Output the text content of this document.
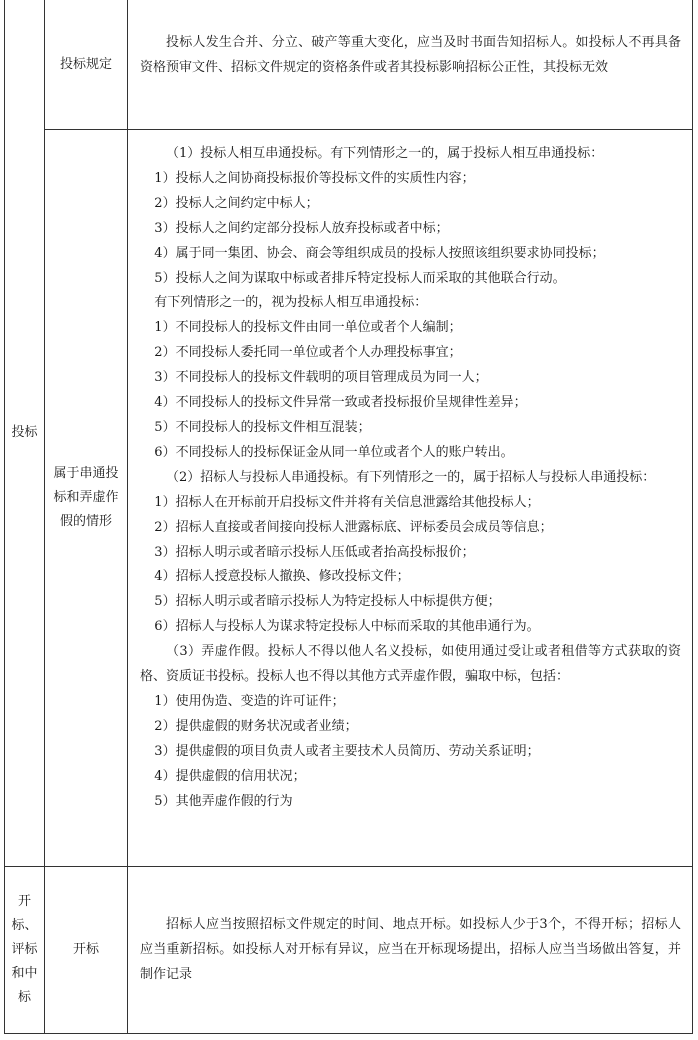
投标规定

投标人发生合并、分立、破产等重大变化，应当及时书面告知招标人。如投标人不再具备资格预审文件、招标文件规定的资格条件或者其投标影响招标公正性，其投标无效

投标
属于串通投标和弄虚作假的情形

（1）投标人相互串通投标。有下列情形之一的，属于投标人相互串通投标：

1）投标人之间协商投标报价等投标文件的实质性内容；

2）投标人之间约定中标人；

3）投标人之间约定部分投标人放弃投标或者中标；

4）属于同一集团、协会、商会等组织成员的投标人按照该组织要求协同投标；

5）投标人之间为谋取中标或者排斥特定投标人而采取的其他联合行动。

有下列情形之一的，视为投标人相互串通投标：

1）不同投标人的投标文件由同一单位或者个人编制；

2）不同投标人委托同一单位或者个人办理投标事宜；

3）不同投标人的投标文件载明的项目管理成员为同一人；

4）不同投标人的投标文件异常一致或者投标报价呈规律性差异；

5）不同投标人的投标文件相互混装；

6）不同投标人的投标保证金从同一单位或者个人的账户转出。

（2）招标人与投标人串通投标。有下列情形之一的，属于招标人与投标人串通投标：

1）招标人在开标前开启投标文件并将有关信息泄露给其他投标人；

2）招标人直接或者间接向投标人泄露标底、评标委员会成员等信息；

3）招标人明示或者暗示投标人压低或者抬高投标报价；

4）招标人授意投标人撤换、修改投标文件；

5）招标人明示或者暗示投标人为特定投标人中标提供方便；

6）招标人与投标人为谋求特定投标人中标而采取的其他串通行为。

（3）弄虚作假。投标人不得以他人名义投标，如使用通过受让或者租借等方式获取的资格、资质证书投标。投标人也不得以其他方式弄虚作假，骗取中标，包括：

1）使用伪造、变造的许可证件；

2）提供虚假的财务状况或者业绩；

3）提供虚假的项目负责人或者主要技术人员简历、劳动关系证明；

4）提供虚假的信用状况；

5）其他弄虚作假的行为

开标、评标和中标
开标

招标人应当按照招标文件规定的时间、地点开标。如投标人少于3个，不得开标；招标人应当重新招标。如投标人对开标有异议，应当在开标现场提出，招标人应当当场做出答复，并制作记录
